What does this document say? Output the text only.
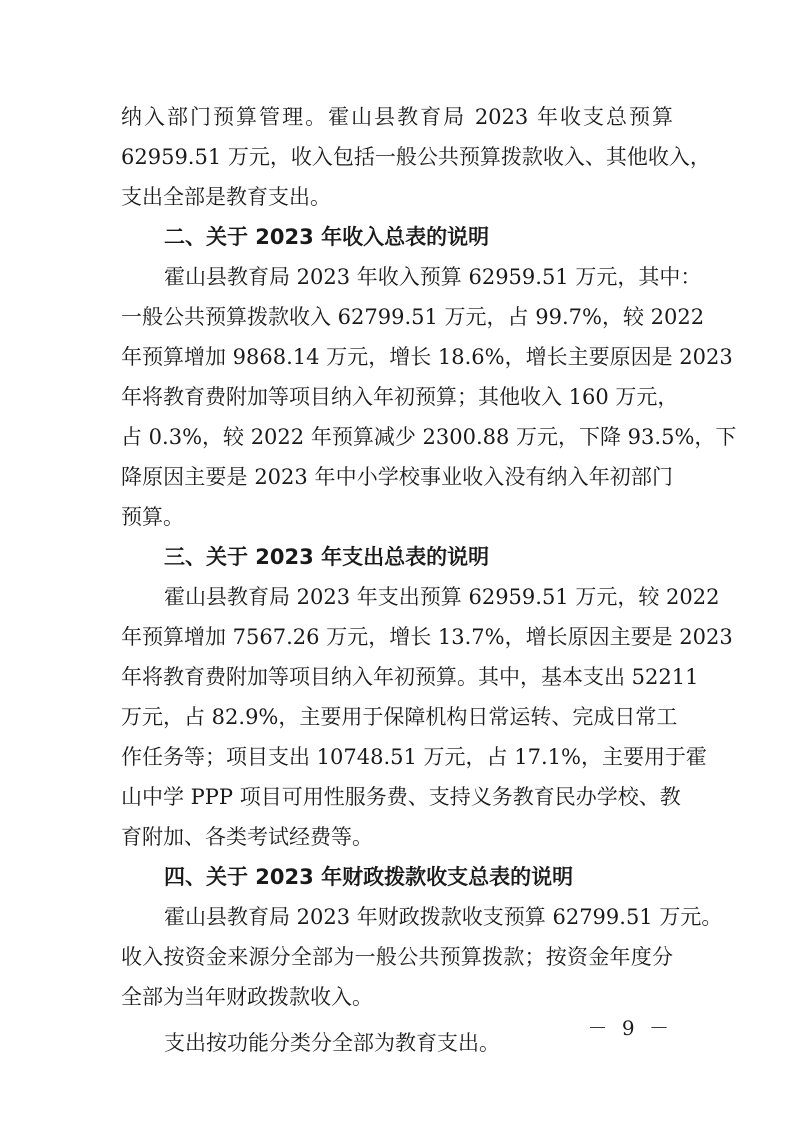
纳入部门预算管理。霍山县教育局 2023 年收支总预算
62959.51 万元，收入包括一般公共预算拨款收入、其他收入，
支出全部是教育支出。
二、关于 2023 年收入总表的说明
霍山县教育局 2023 年收入预算 62959.51 万元，其中：
一般公共预算拨款收入 62799.51 万元，占 99.7%，较 2022
年预算增加 9868.14 万元，增长 18.6%，增长主要原因是 2023
年将教育费附加等项目纳入年初预算；其他收入 160 万元，
占 0.3%，较 2022 年预算减少 2300.88 万元，下降 93.5%，下
降原因主要是 2023 年中小学校事业收入没有纳入年初部门
预算。
三、关于 2023 年支出总表的说明
霍山县教育局 2023 年支出预算 62959.51 万元，较 2022
年预算增加 7567.26 万元，增长 13.7%，增长原因主要是 2023
年将教育费附加等项目纳入年初预算。其中，基本支出 52211
万元，占 82.9%，主要用于保障机构日常运转、完成日常工
作任务等；项目支出 10748.51 万元，占 17.1%，主要用于霍
山中学 PPP 项目可用性服务费、支持义务教育民办学校、教
育附加、各类考试经费等。
四、关于 2023 年财政拨款收支总表的说明
霍山县教育局 2023 年财政拨款收支预算 62799.51 万元。
收入按资金来源分全部为一般公共预算拨款；按资金年度分
全部为当年财政拨款收入。
支出按功能分类分全部为教育支出。
－ 9 －
